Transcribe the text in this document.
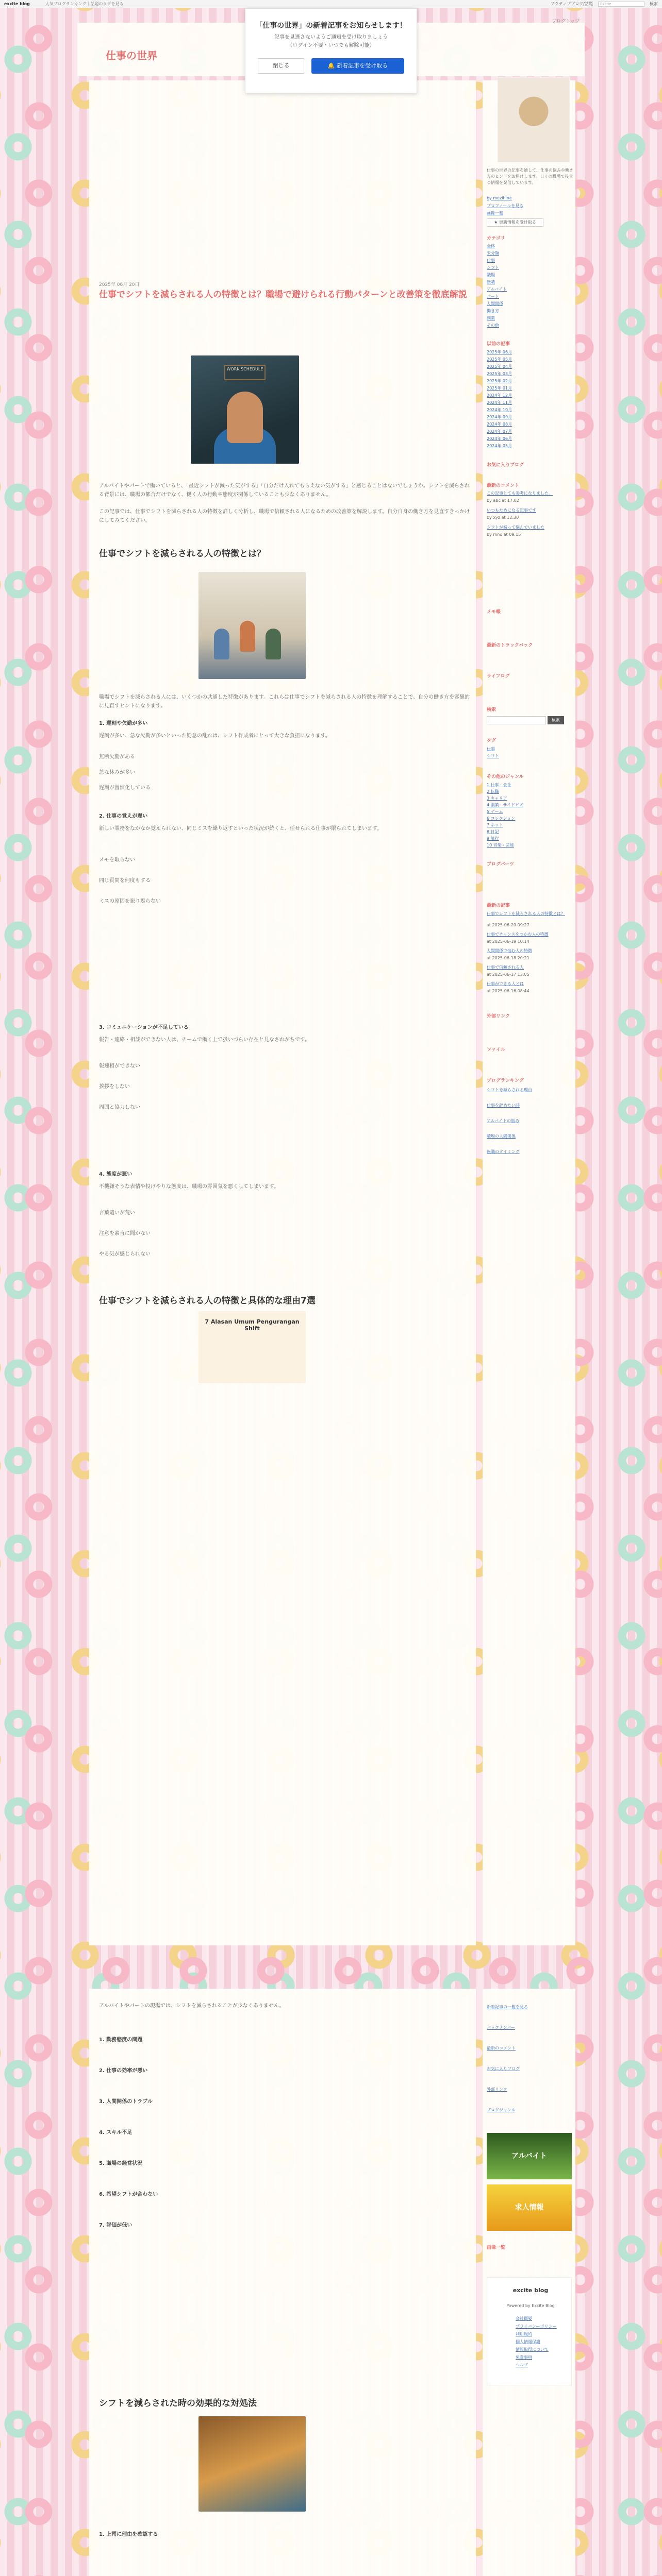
excite blog	人気ブログランキング｜話題のタグを見る	アクティブブログ/話題	Excite	検索
仕事の世界
ブログトップ
「仕事の世界」の新着記事をお知らせします！
記事を見逃さないようご通知を受け取りましょう
（ログイン不要・いつでも解除可能）
閉じる	🔔 新着記事を受け取る
2025年 06月 20日
仕事でシフトを減らされる人の特徴とは？職場で避けられる行動パターンと改善策を徹底解説
WORK SCHEDULE
アルバイトやパートで働いていると、「最近シフトが減った気がする」「自分だけ入れてもらえない気がする」と感じることはないでしょうか。シフトを減らされる背景には、職場の都合だけでなく、働く人の行動や態度が関係していることも少なくありません。
この記事では、仕事でシフトを減らされる人の特徴を詳しく分析し、職場で信頼される人になるための改善策を解説します。自分自身の働き方を見直すきっかけにしてみてください。
仕事でシフトを減らされる人の特徴とは？
職場でシフトを減らされる人には、いくつかの共通した特徴があります。これらは仕事でシフトを減らされる人の特徴を理解することで、自分の働き方を客観的に見直すヒントになります。
1. 遅刻や欠勤が多い
遅刻が多い、急な欠勤が多いといった勤怠の乱れは、シフト作成者にとって大きな負担になります。
無断欠勤がある
急な休みが多い
遅刻が習慣化している
2. 仕事の覚えが遅い
新しい業務をなかなか覚えられない、同じミスを繰り返すといった状況が続くと、任せられる仕事が限られてしまいます。
メモを取らない
同じ質問を何度もする
ミスの原因を振り返らない
3. コミュニケーションが不足している
報告・連絡・相談ができない人は、チームで働く上で扱いづらい存在と見なされがちです。
報連相ができない
挨拶をしない
周囲と協力しない
4. 態度が悪い
不機嫌そうな表情や投げやりな態度は、職場の雰囲気を悪くしてしまいます。
言葉遣いが荒い
注意を素直に聞かない
やる気が感じられない
仕事でシフトを減らされる人の特徴と具体的な理由7選
7 Alasan Umum Pengurangan Shift
アルバイトやパートの現場では、シフトを減らされることが少なくありません。
1. 勤務態度の問題
2. 仕事の効率が悪い
3. 人間関係のトラブル
4. スキル不足
5. 職場の経営状況
6. 希望シフトが合わない
7. 評価が低い
シフトを減らされた時の効果的な対処法
1. 上司に理由を確認する
仕事の世界の記事を通して、仕事の悩みや働き方のヒントをお届けします。日々の職場で役立つ情報を発信しています。
by mezihine
プロフィールを見る
画像一覧
★ 更新情報を受け取る
カテゴリ
全体
未分類
仕事
シフト
職場
転職
アルバイト
パート
人間関係
働き方
副業
その他
以前の記事
2025年 06月
2025年 05月
2025年 04月
2025年 03月
2025年 02月
2025年 01月
2024年 12月
2024年 11月
2024年 10月
2024年 09月
2024年 08月
2024年 07月
2024年 06月
2024年 05月
お気に入りブログ
最新のコメント
この記事とても参考になりました。
by abc at 17:02
いつもためになる記事です
by xyz at 12:30
シフトが減って悩んでいました
by mno at 09:15
メモ帳
最新のトラックバック
ライフログ
検索
検索
タグ
仕事
シフト
その他のジャンル
1 仕事・会社
2 転職
3 キャリア
4 副業・サイドビズ
5 ゲーム
6 コレクション
7 ネット
8 日記
9 旅行
10 音楽・芸能
ブログパーツ
最新の記事
仕事でシフトを減らされる人の特徴とは？
at 2025-06-20 09:27
仕事でチャンスをつかむ人の特徴
at 2025-06-19 10:14
人間関係で悩む人の特徴
at 2025-06-18 20:21
仕事で信頼される人
at 2025-06-17 13:05
仕事ができる人とは
at 2025-06-16 08:44
外部リンク
ファイル
ブログランキング
シフトを減らされる理由
仕事を辞めたい時
アルバイトの悩み
職場の人間関係
転職のタイミング
新着記事の一覧を見る
バックナンバー
最新のコメント
お気に入りブログ
外部リンク
ブログジャンル
アルバイト
求人情報
画像一覧
excite blog
Powered by Excite Blog
会社概要
プライバシーポリシー
利用規約
個人情報保護
情報取得について
免責事項
ヘルプ
